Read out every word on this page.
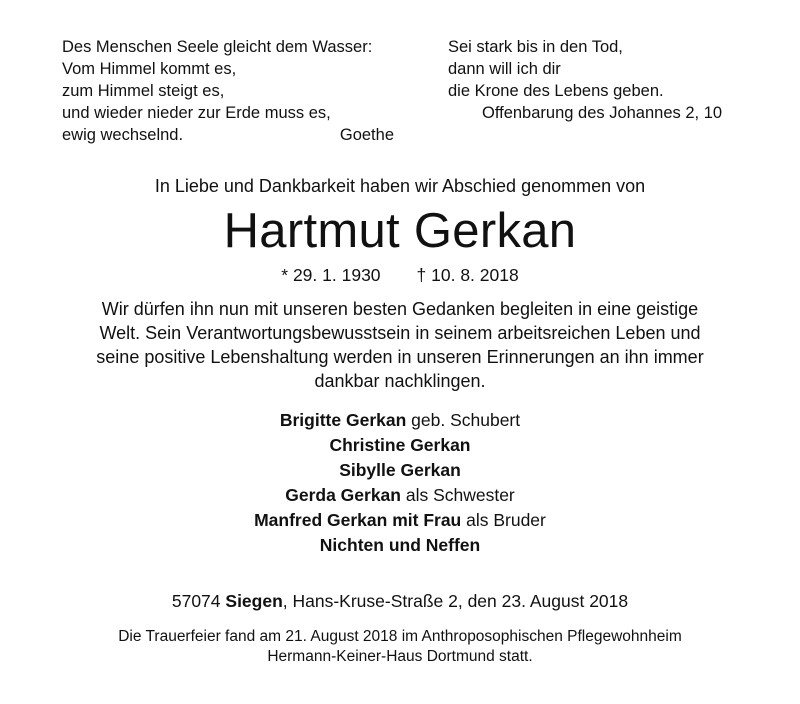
Des Menschen Seele gleicht dem Wasser:
Vom Himmel kommt es,
zum Himmel steigt es,
und wieder nieder zur Erde muss es,
ewig wechselnd.	Goethe
Sei stark bis in den Tod,
dann will ich dir
die Krone des Lebens geben.
Offenbarung des Johannes 2, 10
In Liebe und Dankbarkeit haben wir Abschied genommen von
Hartmut Gerkan
* 29. 1. 1930 † 10. 8. 2018
Wir dürfen ihn nun mit unseren besten Gedanken begleiten in eine geistige
Welt. Sein Verantwortungsbewusstsein in seinem arbeitsreichen Leben und
seine positive Lebenshaltung werden in unseren Erinnerungen an ihn immer
dankbar nachklingen.
Brigitte Gerkan geb. Schubert
Christine Gerkan
Sibylle Gerkan
Gerda Gerkan als Schwester
Manfred Gerkan mit Frau als Bruder
Nichten und Neffen
57074 Siegen, Hans-Kruse-Straße 2, den 23. August 2018
Die Trauerfeier fand am 21. August 2018 im Anthroposophischen Pflegewohnheim
Hermann-Keiner-Haus Dortmund statt.
